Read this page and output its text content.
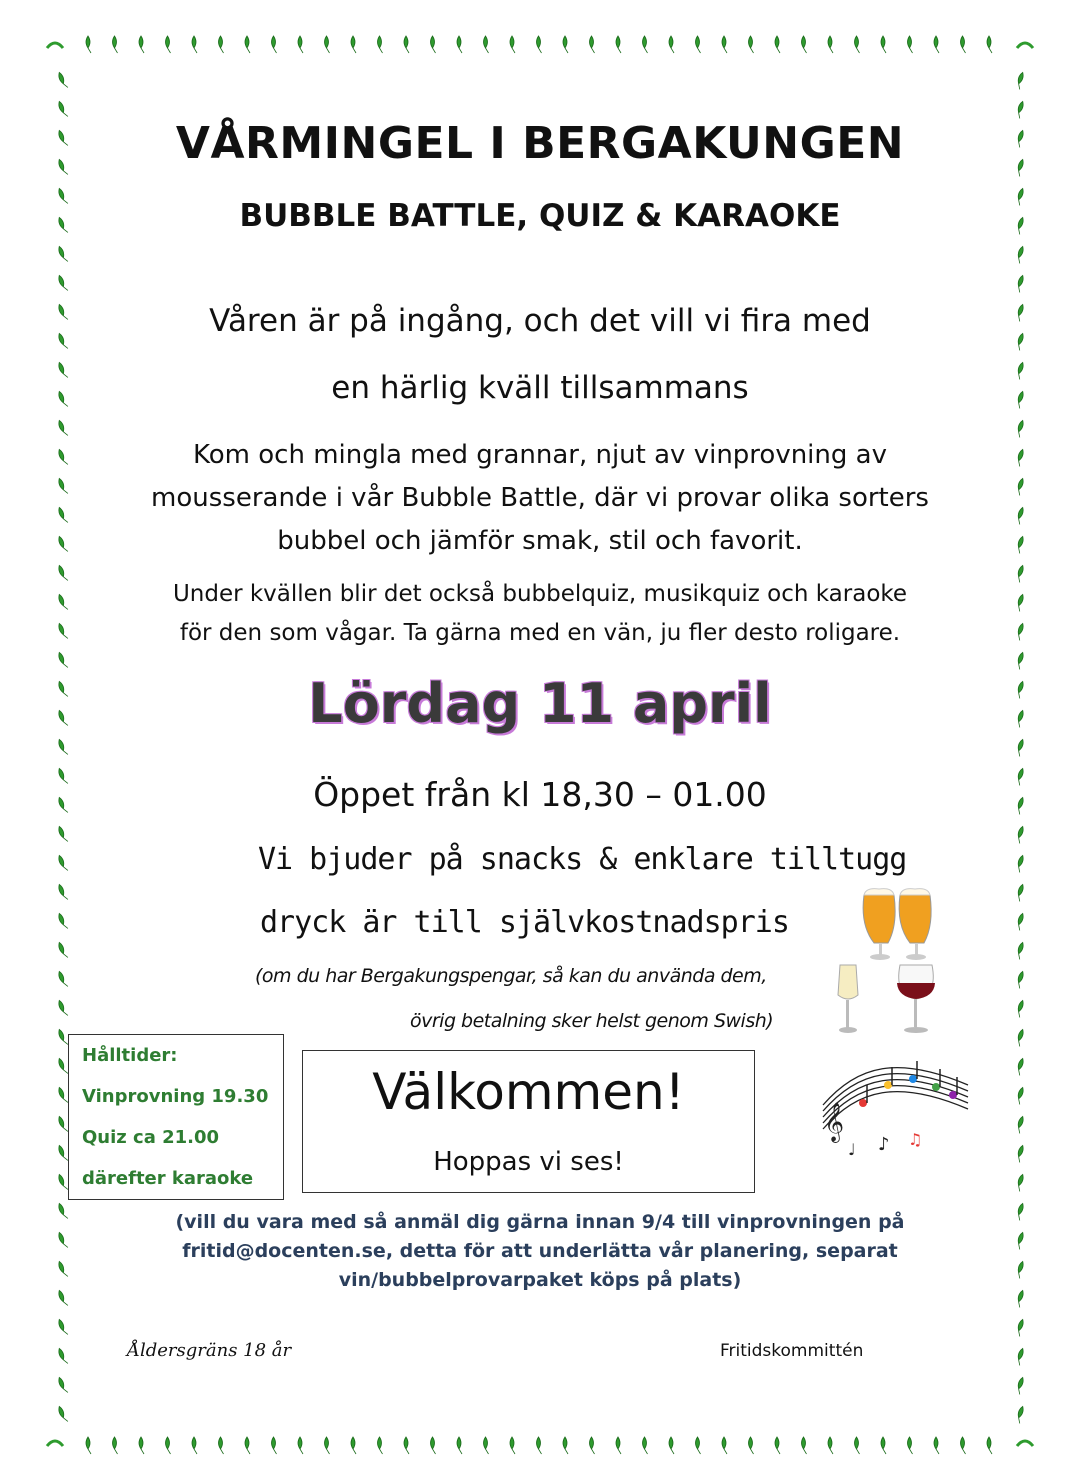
VÅRMINGEL I BERGAKUNGEN
BUBBLE BATTLE, QUIZ & KARAOKE
Våren är på ingång, och det vill vi fira med
en härlig kväll tillsammans
Kom och mingla med grannar, njut av vinprovning av
mousserande i vår Bubble Battle, där vi provar olika sorters
bubbel och jämför smak, stil och favorit.
Under kvällen blir det också bubbelquiz, musikquiz och karaoke
för den som vågar. Ta gärna med en vän, ju fler desto roligare.
Lördag 11 april
Öppet från kl 18,30 – 01.00
Vi bjuder på snacks & enklare tilltugg
dryck är till självkostnadspris
(om du har Bergakungspengar, så kan du använda dem,
övrig betalning sker helst genom Swish)
Hålltider:
Vinprovning 19.30
Quiz ca 21.00
därefter karaoke
Välkommen!
Hoppas vi ses!
𝄞
♪ ♫
♩
(vill du vara med så anmäl dig gärna innan 9/4 till vinprovningen på
fritid@docenten.se, detta för att underlätta vår planering, separat
vin/bubbelprovarpaket köps på plats)
Åldersgräns 18 år	Fritidskommittén
